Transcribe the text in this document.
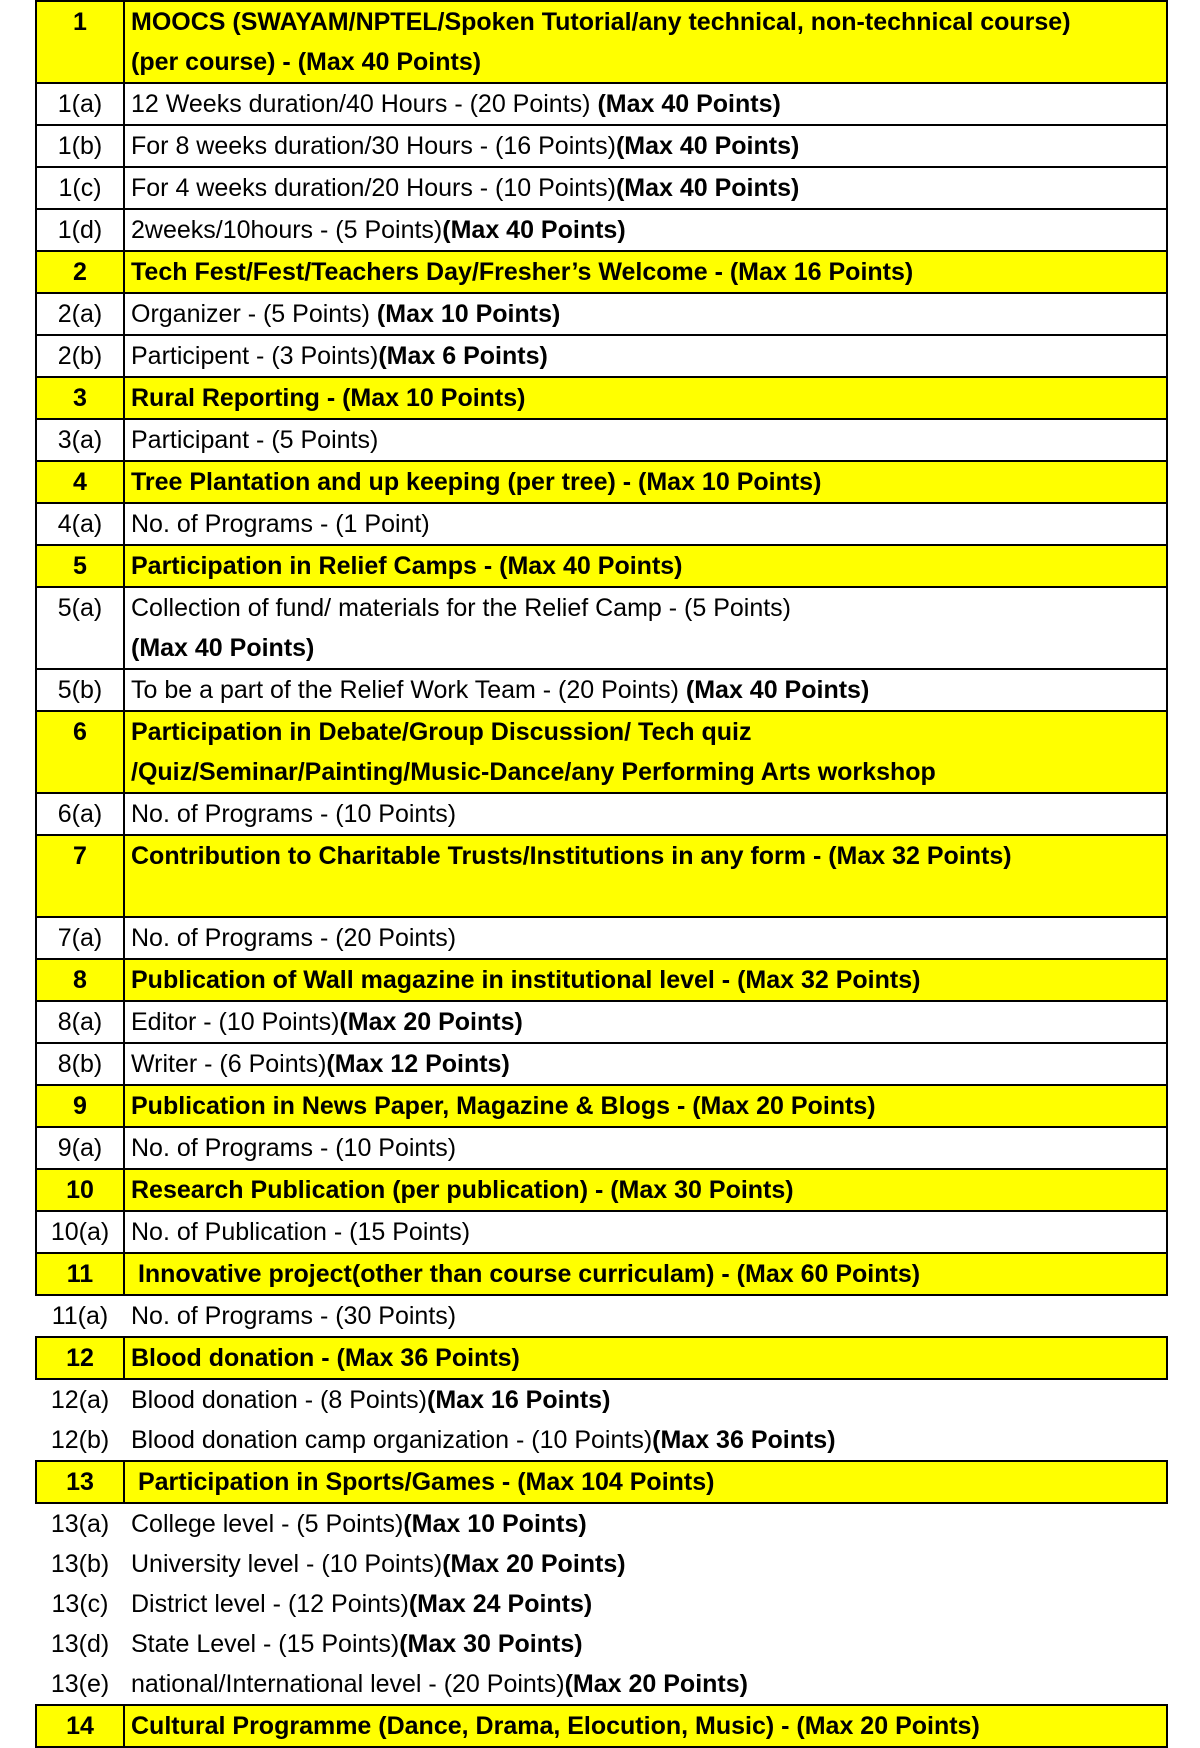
1	MOOCS (SWAYAM/NPTEL/Spoken Tutorial/any technical, non-technical course)
(per course) - (Max 40 Points)
1(a)	12 Weeks duration/40 Hours - (20 Points) (Max 40 Points)
1(b)	For 8 weeks duration/30 Hours - (16 Points)(Max 40 Points)
1(c)	For 4 weeks duration/20 Hours - (10 Points)(Max 40 Points)
1(d)	2weeks/10hours - (5 Points)(Max 40 Points)
2	Tech Fest/Fest/Teachers Day/Fresher’s Welcome - (Max 16 Points)
2(a)	Organizer - (5 Points) (Max 10 Points)
2(b)	Participent - (3 Points)(Max 6 Points)
3	Rural Reporting - (Max 10 Points)
3(a)	Participant - (5 Points)
4	Tree Plantation and up keeping (per tree) - (Max 10 Points)
4(a)	No. of Programs - (1 Point)
5	Participation in Relief Camps - (Max 40 Points)
5(a)	Collection of fund/ materials for the Relief Camp - (5 Points)
(Max 40 Points)
5(b)	To be a part of the Relief Work Team - (20 Points) (Max 40 Points)
6	Participation in Debate/Group Discussion/ Tech quiz
/Quiz/Seminar/Painting/Music-Dance/any Performing Arts workshop
6(a)	No. of Programs - (10 Points)
7	Contribution to Charitable Trusts/Institutions in any form - (Max 32 Points)
7(a)	No. of Programs - (20 Points)
8	Publication of Wall magazine in institutional level - (Max 32 Points)
8(a)	Editor - (10 Points)(Max 20 Points)
8(b)	Writer - (6 Points)(Max 12 Points)
9	Publication in News Paper, Magazine & Blogs - (Max 20 Points)
9(a)	No. of Programs - (10 Points)
10	Research Publication (per publication) - (Max 30 Points)
10(a) No. of Publication - (15 Points)
11	Innovative project(other than course curriculam) - (Max 60 Points)
11(a) No. of Programs - (30 Points)
12	Blood donation - (Max 36 Points)
12(a) Blood donation - (8 Points)(Max 16 Points)
12(b) Blood donation camp organization - (10 Points)(Max 36 Points)
13	Participation in Sports/Games - (Max 104 Points)
13(a) College level - (5 Points)(Max 10 Points)
13(b) University level - (10 Points)(Max 20 Points)
13(c) District level - (12 Points)(Max 24 Points)
13(d) State Level - (15 Points)(Max 30 Points)
13(e) national/International level - (20 Points)(Max 20 Points)
14	Cultural Programme (Dance, Drama, Elocution, Music) - (Max 20 Points)
